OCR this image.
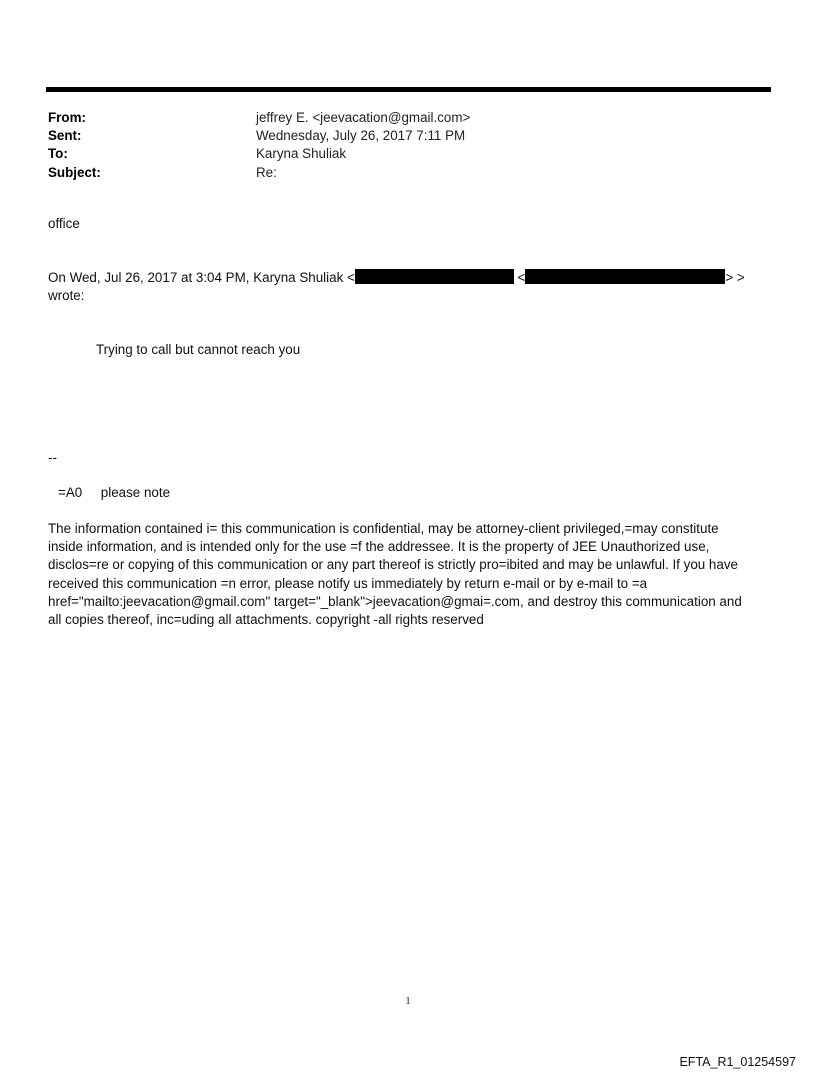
From:	jeffrey E. <jeevacation@gmail.com>
Sent:	Wednesday, July 26, 2017 7:11 PM
To:	Karyna Shuliak
Subject:	Re:
office
On Wed, Jul 26, 2017 at 3:04 PM, Karyna Shuliak <	<	> >
wrote:
Trying to call but cannot reach you
--
=A0     please note
The information contained i= this communication is confidential, may be attorney-client privileged,=may constitute
inside information, and is intended only for the use =f the addressee. It is the property of JEE Unauthorized use,
disclos=re or copying of this communication or any part thereof is strictly pro=ibited and may be unlawful. If you have
received this communication =n error, please notify us immediately by return e-mail or by e-mail to =a
href="mailto:jeevacation@gmail.com" target="_blank">jeevacation@gmai=.com, and destroy this communication and
all copies thereof, inc=uding all attachments. copyright -all rights reserved
1
EFTA_R1_01254597
